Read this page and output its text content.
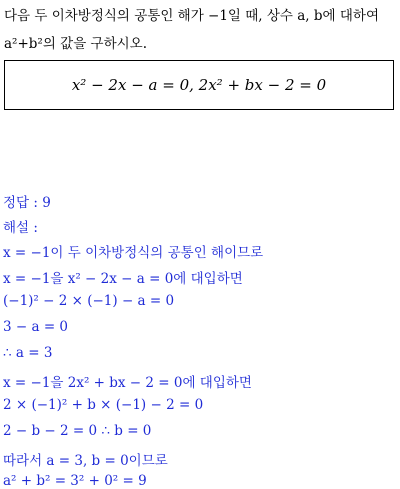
다음 두 이차방정식의 공통인 해가 −1일 때, 상수 a, b에 대하여
a²+b²의 값을 구하시오.
x² − 2x − a = 0, 2x² + bx − 2 = 0
정답 : 9
해설 :
x = −1이 두 이차방정식의 공통인 해이므로
x = −1을 x² − 2x − a = 0에 대입하면
(−1)² − 2 × (−1) − a = 0
3 − a = 0
∴ a = 3
x = −1을 2x² + bx − 2 = 0에 대입하면
2 × (−1)² + b × (−1) − 2 = 0
2 − b − 2 = 0 ∴ b = 0
따라서 a = 3, b = 0이므로
a² + b² = 3² + 0² = 9
